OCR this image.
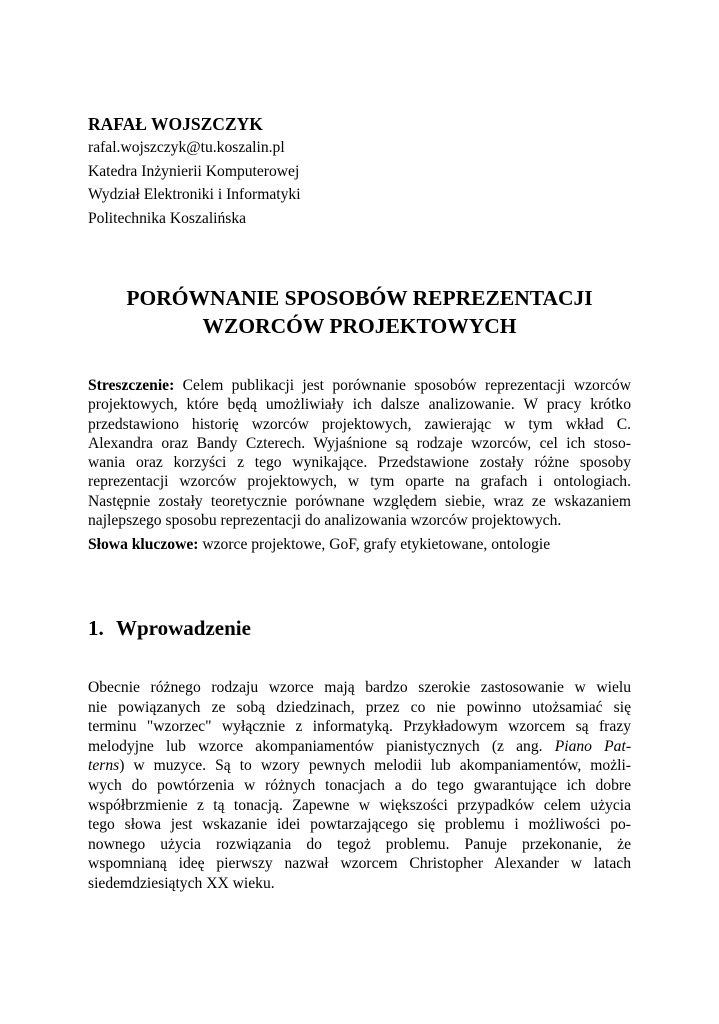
RAFAŁ WOJSZCZYK

rafal.wojszczyk@tu.koszalin.pl

Katedra Inżynierii Komputerowej

Wydział Elektroniki i Informatyki

Politechnika Koszalińska

PORÓWNANIE SPOSOBÓW REPREZENTACJI
WZORCÓW PROJEKTOWYCH

Streszczenie: Celem publikacji jest porównanie sposobów reprezentacji wzorców
projektowych, które będą umożliwiały ich dalsze analizowanie. W pracy krótko
przedstawiono historię wzorców projektowych, zawierając w tym wkład C.
Alexandra oraz Bandy Czterech. Wyjaśnione są rodzaje wzorców, cel ich stoso-
wania oraz korzyści z tego wynikające. Przedstawione zostały różne sposoby
reprezentacji wzorców projektowych, w tym oparte na grafach i ontologiach.
Następnie zostały teoretycznie porównane względem siebie, wraz ze wskazaniem
najlepszego sposobu reprezentacji do analizowania wzorców projektowych.

Słowa kluczowe: wzorce projektowe, GoF, grafy etykietowane, ontologie

1. Wprowadzenie
Obecnie różnego rodzaju wzorce mają bardzo szerokie zastosowanie w wielu
nie powiązanych ze sobą dziedzinach, przez co nie powinno utożsamiać się
terminu "wzorzec" wyłącznie z informatyką. Przykładowym wzorcem są frazy
melodyjne lub wzorce akompaniamentów pianistycznych (z ang. Piano Pat-
terns) w muzyce. Są to wzory pewnych melodii lub akompaniamentów, możli-
wych do powtórzenia w różnych tonacjach a do tego gwarantujące ich dobre
współbrzmienie z tą tonacją. Zapewne w większości przypadków celem użycia
tego słowa jest wskazanie idei powtarzającego się problemu i możliwości po-
nownego użycia rozwiązania do tegoż problemu. Panuje przekonanie, że
wspomnianą ideę pierwszy nazwał wzorcem Christopher Alexander w latach
siedemdziesiątych XX wieku.
